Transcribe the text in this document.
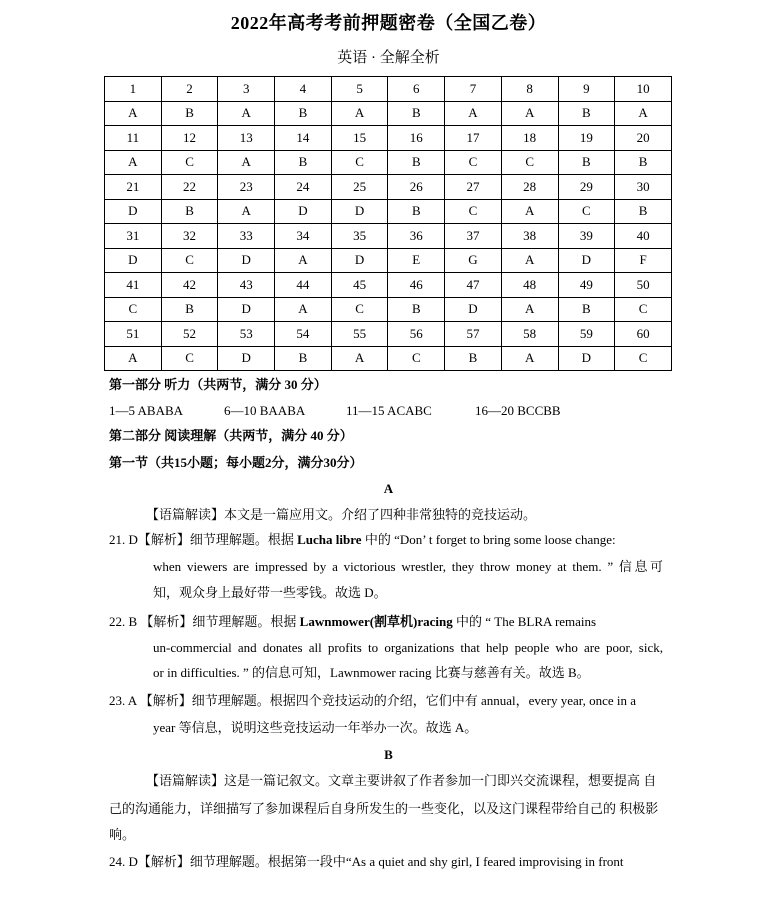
2022年高考考前押题密卷（全国乙卷）
英语 · 全解全析
1	2	3	4	5	6	7	8	9	10
A	B	A	B	A	B	A	A	B	A
11	12	13	14	15	16	17	18	19	20
A	C	A	B	C	B	C	C	B	B
21	22	23	24	25	26	27	28	29	30
D	B	A	D	D	B	C	A	C	B
31	32	33	34	35	36	37	38	39	40
D	C	D	A	D	E	G	A	D	F
41	42	43	44	45	46	47	48	49	50
C	B	D	A	C	B	D	A	B	C
51	52	53	54	55	56	57	58	59	60
A	C	D	B	A	C	B	A	D	C
第一部分 听力（共两节，满分 30 分）
1—5 ABABA	6—10 BAABA	11—15 ACABC	16—20 BCCBB
第二部分 阅读理解（共两节，满分 40 分）
第一节（共15小题；每小题2分，满分30分）
A
【语篇解读】本文是一篇应用文。介绍了四种非常独特的竞技运动。
21. D【解析】细节理解题。根据 Lucha libre 中的 “Don’ t forget to bring some loose change:
when viewers are impressed by a victorious wrestler, they throw money at them. ” 信息可
知，观众身上最好带一些零钱。故选 D。
22. B 【解析】细节理解题。根据 Lawnmower(割草机)racing 中的 “ The BLRA remains
un-commercial and donates all profits to organizations that help people who are poor, sick,
or in difficulties. ” 的信息可知，Lawnmower racing 比赛与慈善有关。故选 B。
23. A 【解析】细节理解题。根据四个竞技运动的介绍，它们中有 annual，every year, once in a
year 等信息，说明这些竞技运动一年举办一次。故选 A。
B
【语篇解读】这是一篇记叙文。文章主要讲叙了作者参加一门即兴交流课程，想要提高 自
己的沟通能力，详细描写了参加课程后自身所发生的一些变化，以及这门课程带给自己的 积极影
响。
24. D【解析】细节理解题。根据第一段中“As a quiet and shy girl, I feared improvising in front
